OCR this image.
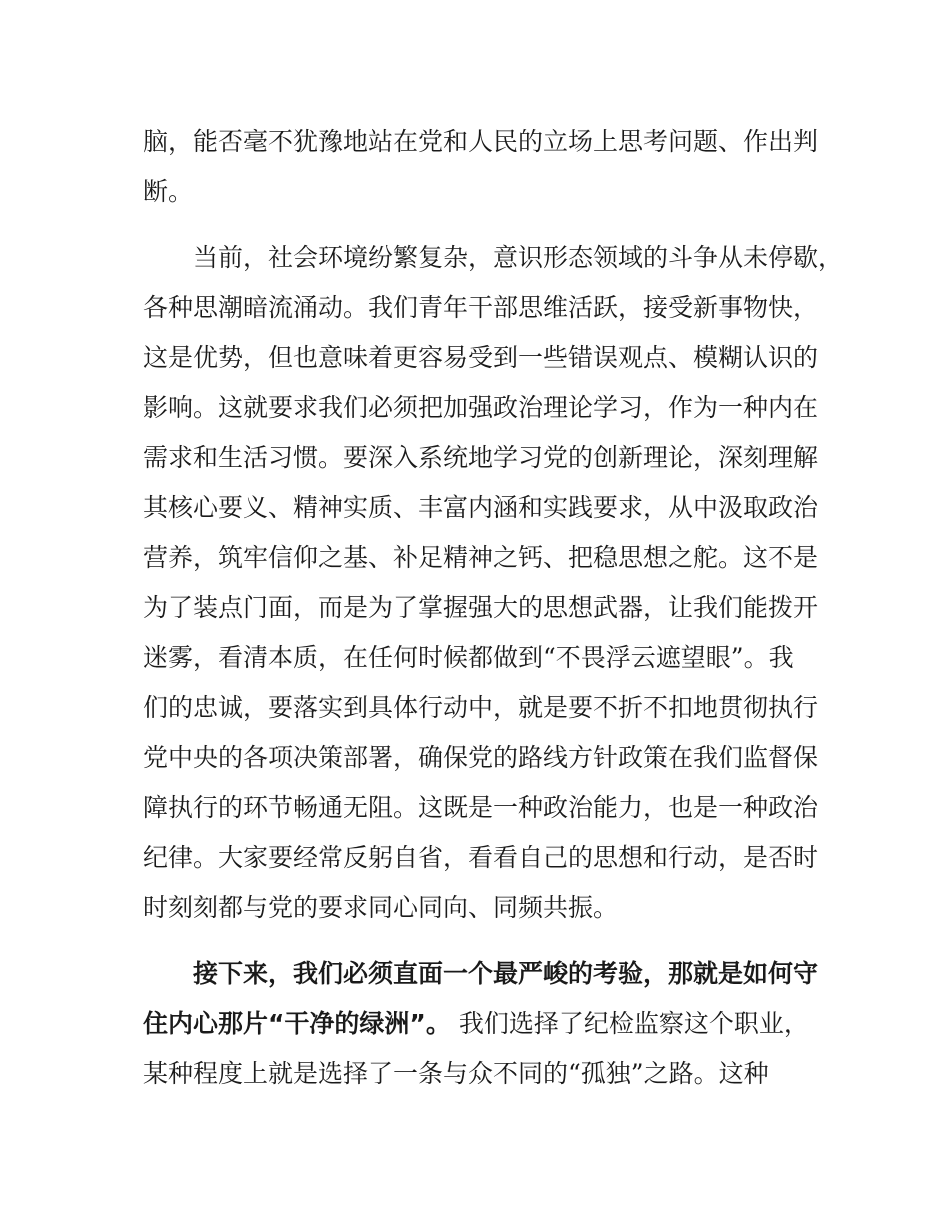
脑，能否毫不犹豫地站在党和人民的立场上思考问题、作出判
断。
当前，社会环境纷繁复杂，意识形态领域的斗争从未停歇，
各种思潮暗流涌动。我们青年干部思维活跃，接受新事物快，
这是优势，但也意味着更容易受到一些错误观点、模糊认识的
影响。这就要求我们必须把加强政治理论学习，作为一种内在
需求和生活习惯。要深入系统地学习党的创新理论，深刻理解
其核心要义、精神实质、丰富内涵和实践要求，从中汲取政治
营养，筑牢信仰之基、补足精神之钙、把稳思想之舵。这不是
为了装点门面，而是为了掌握强大的思想武器，让我们能拨开
迷雾，看清本质，在任何时候都做到“不畏浮云遮望眼”。我
们的忠诚，要落实到具体行动中，就是要不折不扣地贯彻执行
党中央的各项决策部署，确保党的路线方针政策在我们监督保
障执行的环节畅通无阻。这既是一种政治能力，也是一种政治
纪律。大家要经常反躬自省，看看自己的思想和行动，是否时
时刻刻都与党的要求同心同向、同频共振。
接下来，我们必须直面一个最严峻的考验，那就是如何守
住内心那片“干净的绿洲”。 我们选择了纪检监察这个职业，
某种程度上就是选择了一条与众不同的“孤独”之路。这种
